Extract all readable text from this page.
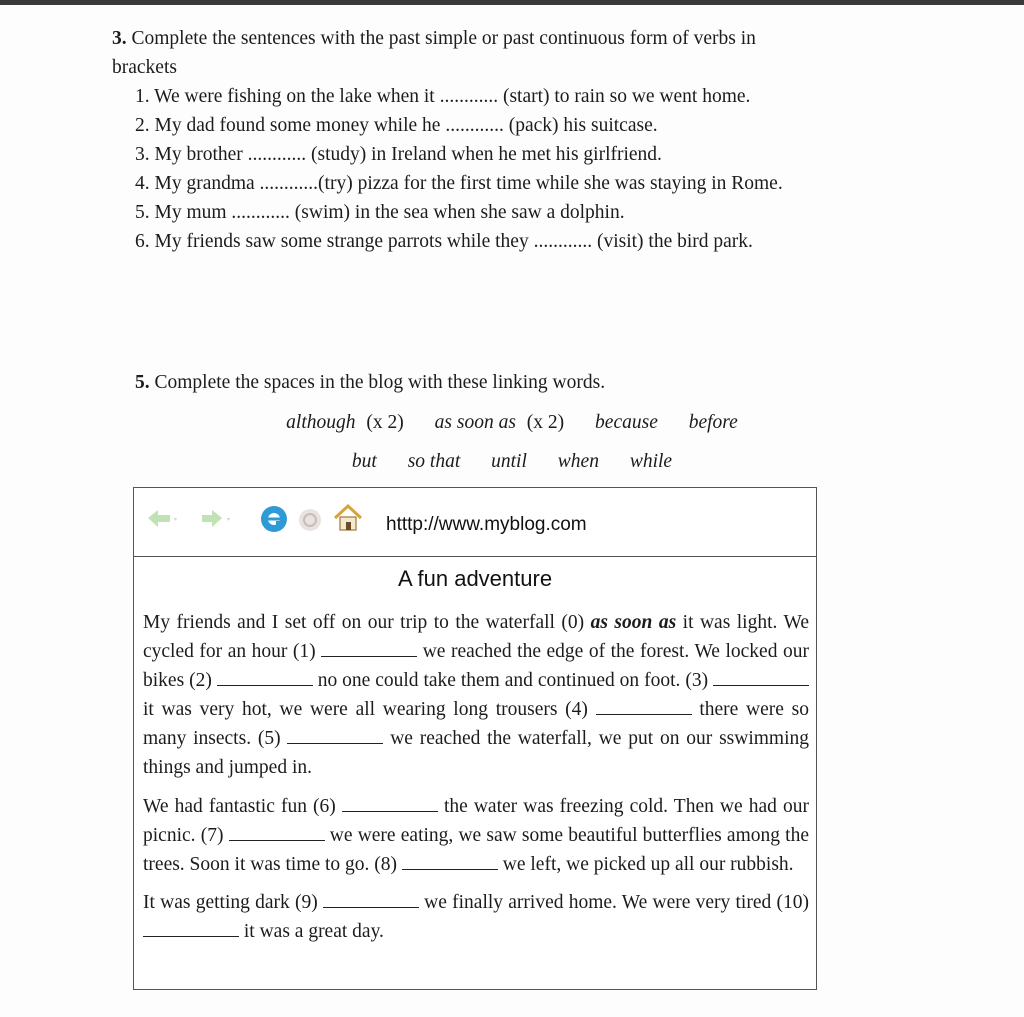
3. Complete the sentences with the past simple or past continuous form of verbs in brackets
1. We were fishing on the lake when it ............ (start) to rain so we went home.
2. My dad found some money while he ............ (pack) his suitcase.
3. My brother ............ (study) in Ireland when he met his girlfriend.
4. My grandma ............(try) pizza for the first time while she was staying in Rome.
5. My mum ............ (swim) in the sea when she saw a dolphin.
6. My friends saw some strange parrots while they ............ (visit) the bird park.
5. Complete the spaces in the blog with these linking words.
although (x 2) as soon as (x 2) because before
but so that until when while
htttp://www.myblog.com
A fun adventure

My friends and I set off on our trip to the waterfall (0) as soon as it was light. We cycled for an hour (1)	we reached the edge of the forest. We locked our bikes (2)	no one could take them and continued on foot. (3)  it was very hot, we were all wearing long trousers (4)	there were so many insects. (5)	we reached the waterfall, we put on our sswimming things and jumped in.

We had fantastic fun (6)	the water was freezing cold. Then we had our picnic. (7)	we were eating, we saw some beautiful butterflies among the trees. Soon it was time to go. (8)	we left, we picked up all our rubbish.

It was getting dark (9)	we finally arrived home. We were very tired (10)  it was a great day.
